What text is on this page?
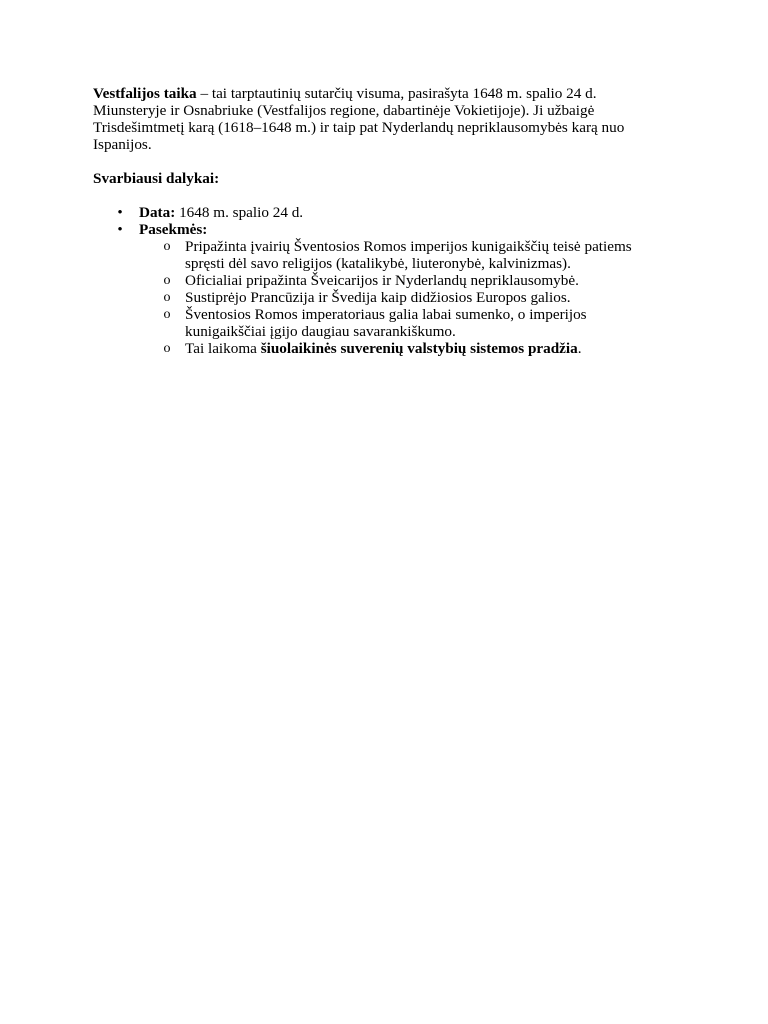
Vestfalijos taika – tai tarptautinių sutarčių visuma, pasirašyta 1648 m. spalio 24 d. Miunsteryje ir Osnabriuke (Vestfalijos regione, dabartinėje Vokietijoje). Ji užbaigė Trisdešimtmetį karą (1618–1648 m.) ir taip pat Nyderlandų nepriklausomybės karą nuo Ispanijos.

Svarbiausi dalykai:

• Data: 1648 m. spalio 24 d.
• Pasekmės:
o Pripažinta įvairių Šventosios Romos imperijos kunigaikščių teisė patiems spręsti dėl savo religijos (katalikybė, liuteronybė, kalvinizmas).
o Oficialiai pripažinta Šveicarijos ir Nyderlandų nepriklausomybė.
o Sustiprėjo Prancūzija ir Švedija kaip didžiosios Europos galios.
o Šventosios Romos imperatoriaus galia labai sumenko, o imperijos kunigaikščiai įgijo daugiau savarankiškumo.
o Tai laikoma šiuolaikinės suverenių valstybių sistemos pradžia.
